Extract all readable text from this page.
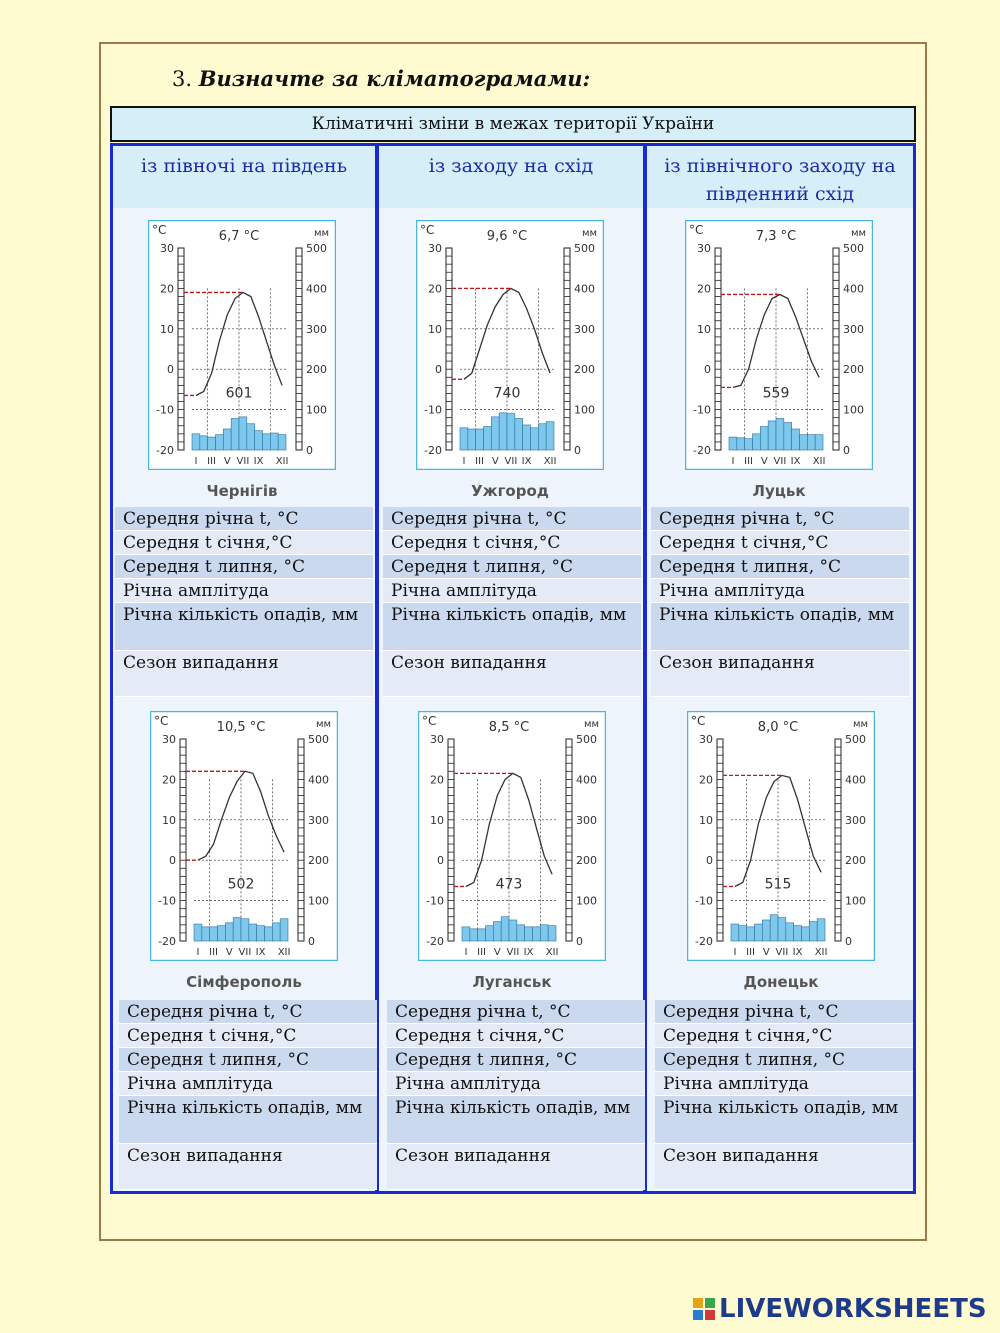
3. Визначте за кліматограмами:
Кліматичні зміни в межах території України
із півночі на південь	із заходу на схід	із північного заходу на південний схід
°С	мм
6,7 °С
30
20
10
0
-10
-20
500
400
300
200
100
0
601
I III V VII IX XII
Чернігів
Середня річна t, °С
Середня t січня,°С
Середня t липня, °С
Річна амплітуда
Річна кількість опадів, мм
Сезон випадання
°С	мм
9,6 °С
30
20
10
0
-10
-20
500
400
300
200
100
0
740
I III V VII IX XII
Ужгород
Середня річна t, °С
Середня t січня,°С
Середня t липня, °С
Річна амплітуда
Річна кількість опадів, мм
Сезон випадання
°С	мм
7,3 °С
30
20
10
0
-10
-20
500
400
300
200
100
0
559
I III V VII IX XII
Луцьк
Середня річна t, °С
Середня t січня,°С
Середня t липня, °С
Річна амплітуда
Річна кількість опадів, мм
Сезон випадання
°С	мм
10,5 °С
30
20
10
0
-10
-20
500
400
300
200
100
0
502
I III V VII IX XII
Сімферополь
Середня річна t, °С
Середня t січня,°С
Середня t липня, °С
Річна амплітуда
Річна кількість опадів, мм
Сезон випадання
°С	мм
8,5 °С
30
20
10
0
-10
-20
500
400
300
200
100
0
473
I III V VII IX XII
Луганськ
Середня річна t, °С
Середня t січня,°С
Середня t липня, °С
Річна амплітуда
Річна кількість опадів, мм
Сезон випадання
°С	мм
8,0 °С
30
20
10
0
-10
-20
500
400
300
200
100
0
515
I III V VII IX XII
Донецьк
Середня річна t, °С
Середня t січня,°С
Середня t липня, °С
Річна амплітуда
Річна кількість опадів, мм
Сезон випадання
LIVEWORKSHEETS
